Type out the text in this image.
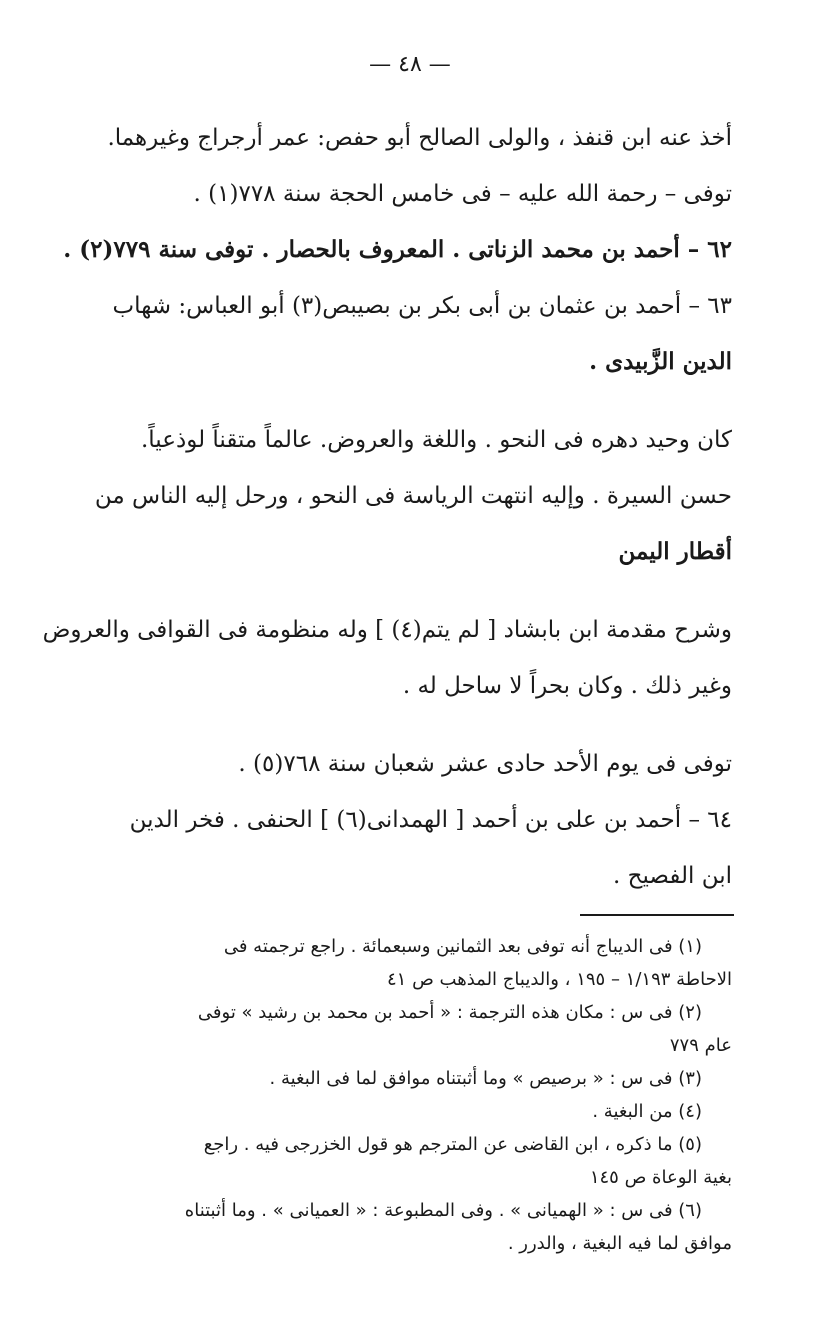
— ٤٨ —
أخذ عنه ابن قنفذ ، والولى الصالح أبو حفص: عمر أرجراج وغيرهما.
توفى – رحمة الله عليه – فى خامس الحجة سنة ٧٧٨(١) .
٦٢ – أحمد بن محمد الزناتى . المعروف بالحصار . توفى سنة ٧٧٩(٢) .
٦٣ – أحمد بن عثمان بن أبى بكر بن بصيبص(٣) أبو العباس: شهاب
الدين الزَّبيدى .
كان وحيد دهره فى النحو . واللغة والعروض. عالماً متقناً لوذعياً.
حسن السيرة . وإليه انتهت الرياسة فى النحو ، ورحل إليه الناس من
أقطار اليمن
وشرح مقدمة ابن بابشاد [ لم يتم(٤) ] وله منظومة فى القوافى والعروض
وغير ذلك . وكان بحراً لا ساحل له .
توفى فى يوم الأحد حادى عشر شعبان سنة ٧٦٨(٥) .
٦٤ – أحمد بن على بن أحمد [ الهمدانى(٦) ] الحنفى . فخر الدين
ابن الفصيح .
(١) فى الديباج أنه توفى بعد الثمانين وسبعمائة . راجع ترجمته فى
الاحاطة ١/١٩٣ – ١٩٥ ، والديباج المذهب ص ٤١
(٢) فى س : مكان هذه الترجمة : « أحمد بن محمد بن رشيد » توفى
عام ٧٧٩
(٣) فى س : « برصيص » وما أثبتناه موافق لما فى البغية .
(٤) من البغية .
(٥) ما ذكره ، ابن القاضى عن المترجم هو قول الخزرجى فيه . راجع
بغية الوعاة ص ١٤٥
(٦) فى س : « الهميانى » . وفى المطبوعة : « العميانى » . وما أثبتناه
موافق لما فيه البغية ، والدرر .
